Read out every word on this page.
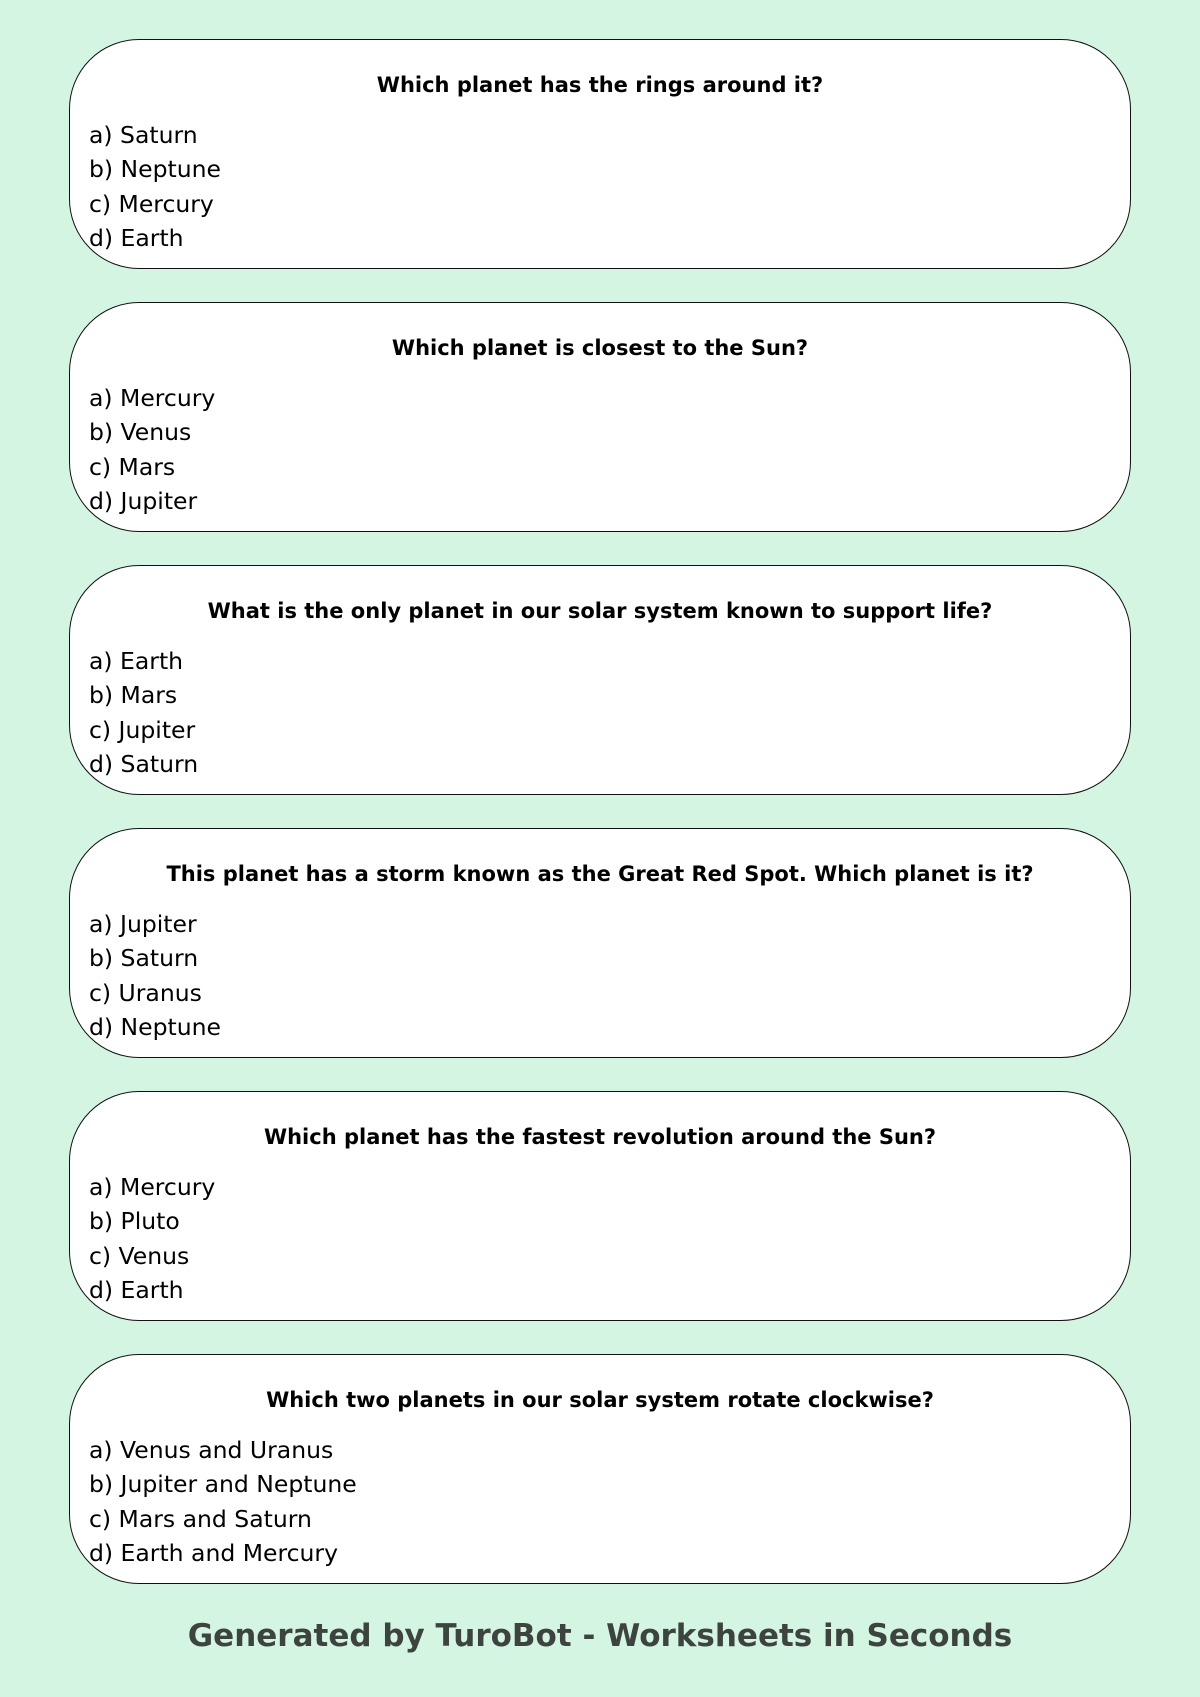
Which planet has the rings around it?
a) Saturn
b) Neptune
c) Mercury
d) Earth
Which planet is closest to the Sun?
a) Mercury
b) Venus
c) Mars
d) Jupiter
What is the only planet in our solar system known to support life?
a) Earth
b) Mars
c) Jupiter
d) Saturn
This planet has a storm known as the Great Red Spot. Which planet is it?
a) Jupiter
b) Saturn
c) Uranus
d) Neptune
Which planet has the fastest revolution around the Sun?
a) Mercury
b) Pluto
c) Venus
d) Earth
Which two planets in our solar system rotate clockwise?
a) Venus and Uranus
b) Jupiter and Neptune
c) Mars and Saturn
d) Earth and Mercury
Generated by TuroBot - Worksheets in Seconds
